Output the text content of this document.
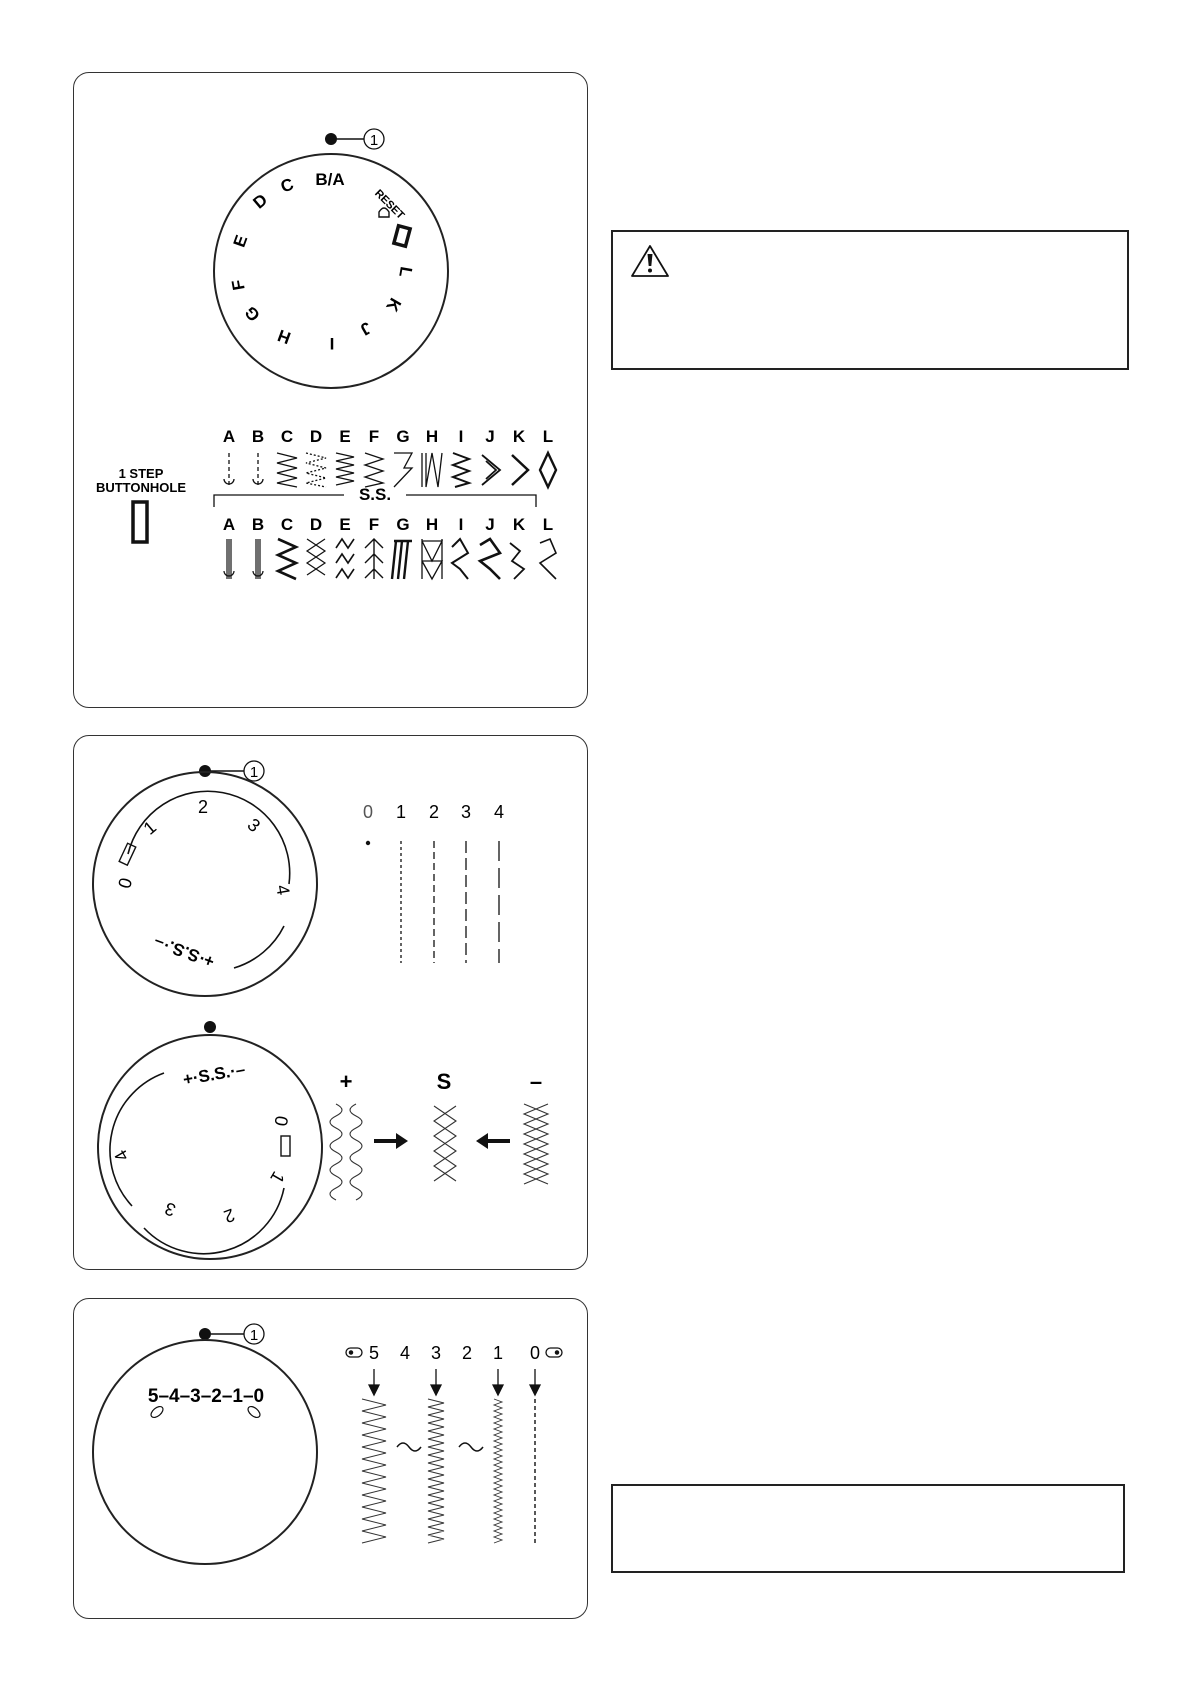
1
B/A
C
D
E
F
G
H I
J
K
L
RESET
1 STEP
BUTTONHOLE
A B C D E F G H I J K L
S.S.
A B C D E F G H I J K L
1
0
1
2
3
4
+·S.S.·–
0 1 2 3 4
+·S.S.·–
0
1
2
3
4
+	S	–
1
5–4–3–2–1–0
5 4 3 2 1 0
